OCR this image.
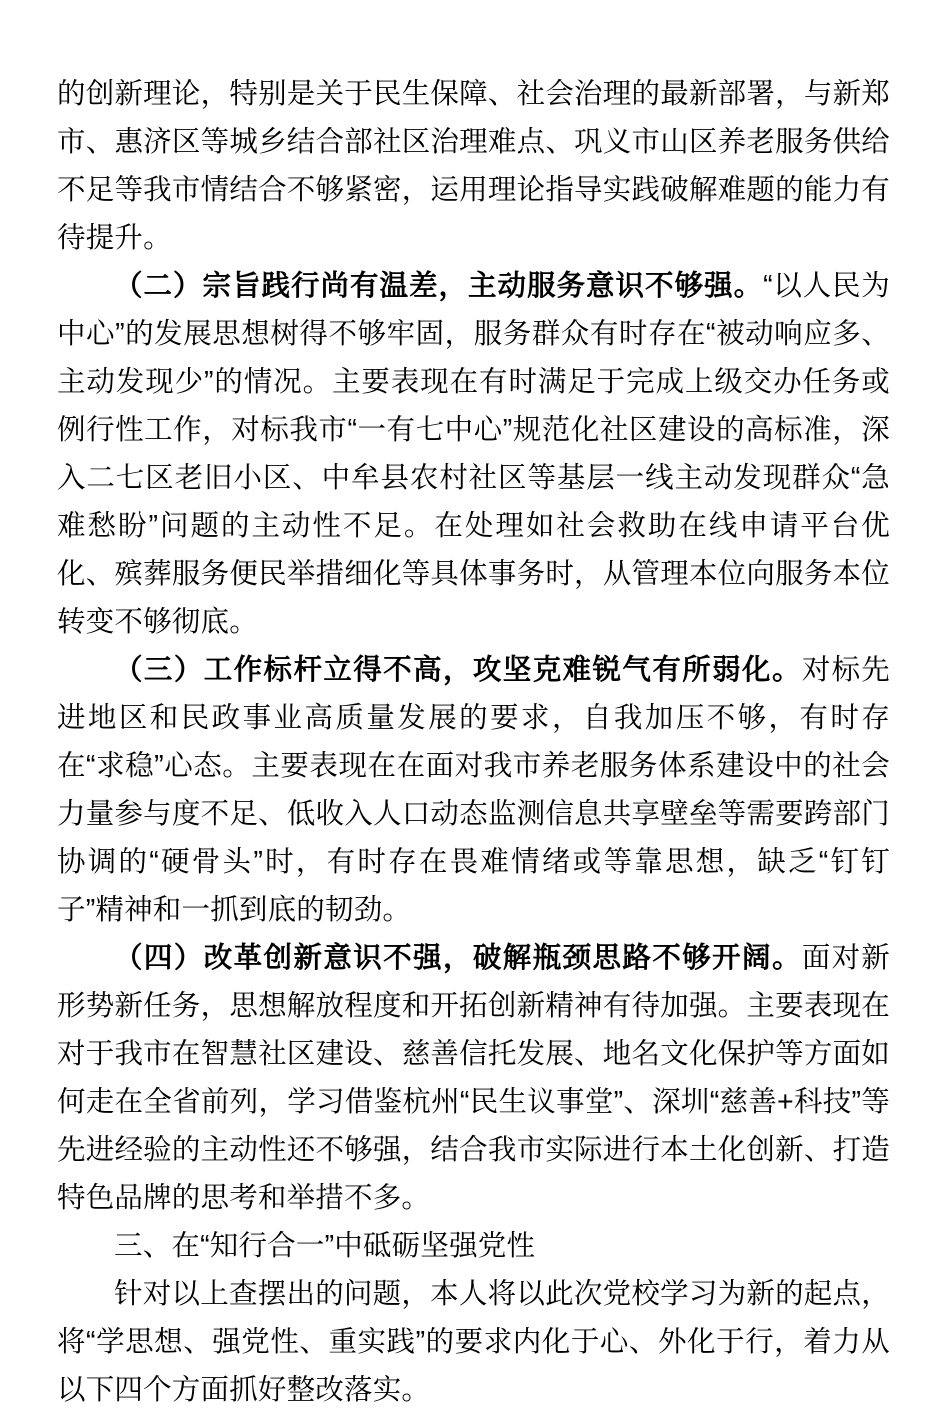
的创新理论，特别是关于民生保障、社会治理的最新部署，与新郑市、惠济区等城乡结合部社区治理难点、巩义市山区养老服务供给不足等我市情结合不够紧密，运用理论指导实践破解难题的能力有待提升。

（二）宗旨践行尚有温差，主动服务意识不够强。“以人民为中心”的发展思想树得不够牢固，服务群众有时存在“被动响应多、主动发现少”的情况。主要表现在有时满足于完成上级交办任务或例行性工作，对标我市“一有七中心”规范化社区建设的高标准，深入二七区老旧小区、中牟县农村社区等基层一线主动发现群众“急难愁盼”问题的主动性不足。在处理如社会救助在线申请平台优化、殡葬服务便民举措细化等具体事务时，从管理本位向服务本位转变不够彻底。

（三）工作标杆立得不高，攻坚克难锐气有所弱化。对标先进地区和民政事业高质量发展的要求，自我加压不够，有时存在“求稳”心态。主要表现在在面对我市养老服务体系建设中的社会力量参与度不足、低收入人口动态监测信息共享壁垒等需要跨部门协调的“硬骨头”时，有时存在畏难情绪或等靠思想，缺乏“钉钉子”精神和一抓到底的韧劲。

（四）改革创新意识不强，破解瓶颈思路不够开阔。面对新形势新任务，思想解放程度和开拓创新精神有待加强。主要表现在对于我市在智慧社区建设、慈善信托发展、地名文化保护等方面如何走在全省前列，学习借鉴杭州“民生议事堂”、深圳“慈善+科技”等先进经验的主动性还不够强，结合我市实际进行本土化创新、打造特色品牌的思考和举措不多。

三、在“知行合一”中砥砺坚强党性

针对以上查摆出的问题，本人将以此次党校学习为新的起点，将“学思想、强党性、重实践”的要求内化于心、外化于行，着力从以下四个方面抓好整改落实。
